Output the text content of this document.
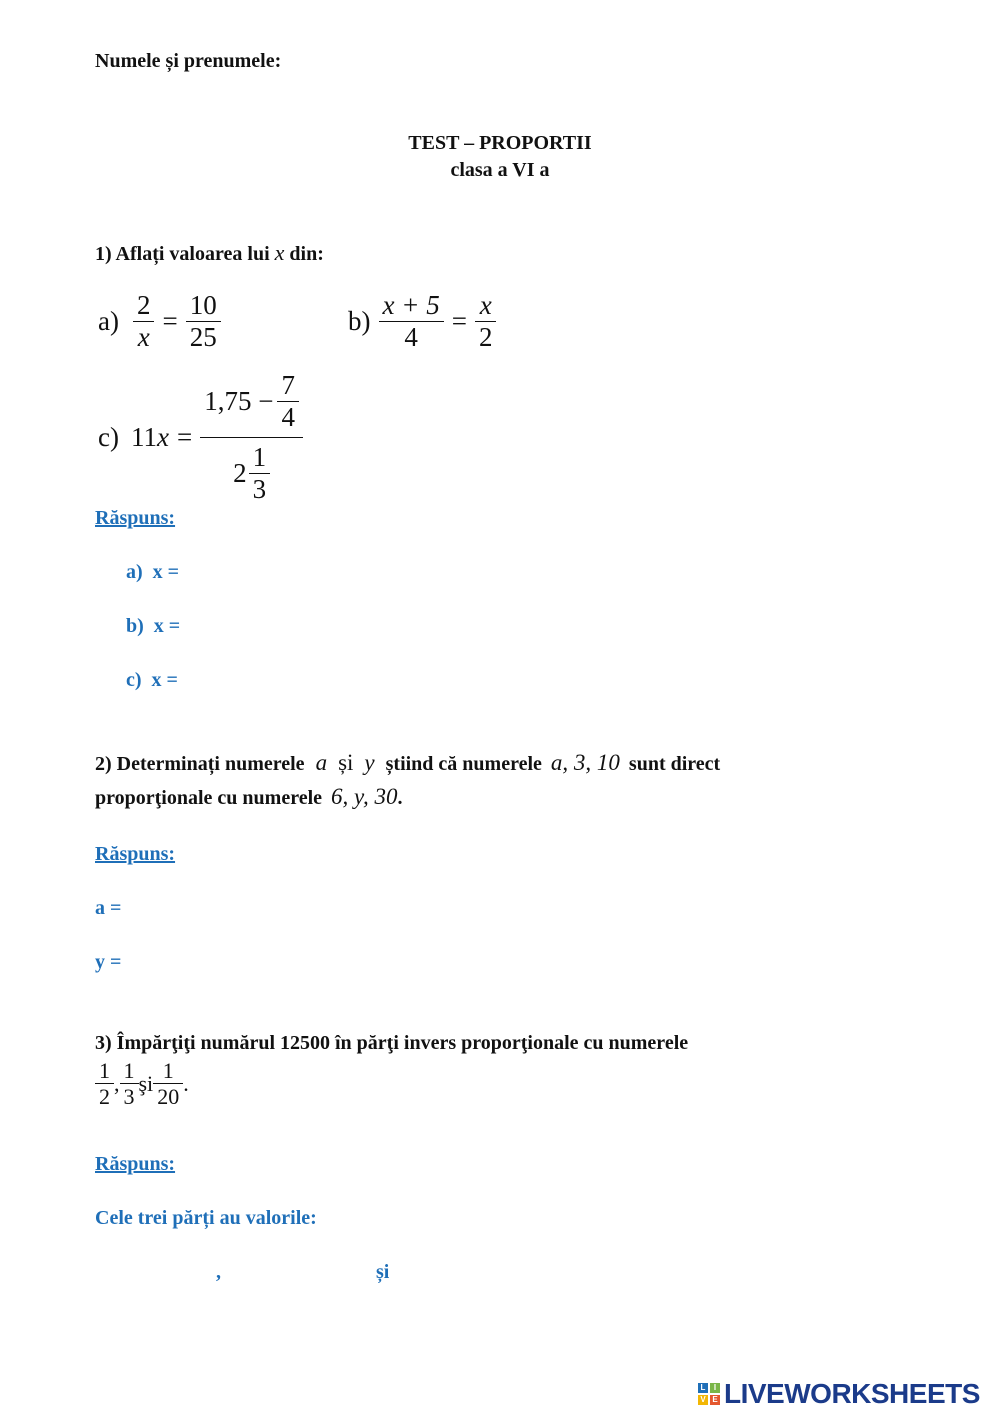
Numele și prenumele:
TEST – PROPORTII
clasa a VI a
1) Aflați valoarea lui x din:
$a) \frac{2}{x} = \frac{10}{25}$	$b) \frac{x + 5}{4} = \frac{x}{2}$
c) $11x = \frac{1,75 - \frac{7}{4}}{2 \frac{1}{3}}$
Răspuns:
a) x =
b) x =
c) x =
2) Determinați numerele a și y știind că numerele a, 3, 10 sunt direct
proporţionale cu numerele 6, y, 30.
Răspuns:
a =
y =
3) Împărţiţi numărul 12500 în părţi invers proporţionale cu numerele
$\frac{1}{2}$ , $\frac{1}{3}$ şi $\frac{1}{20}$ .
Răspuns:
Cele trei părți au valorile:
,	și
L	I
V E LIVEWORKSHEETS
